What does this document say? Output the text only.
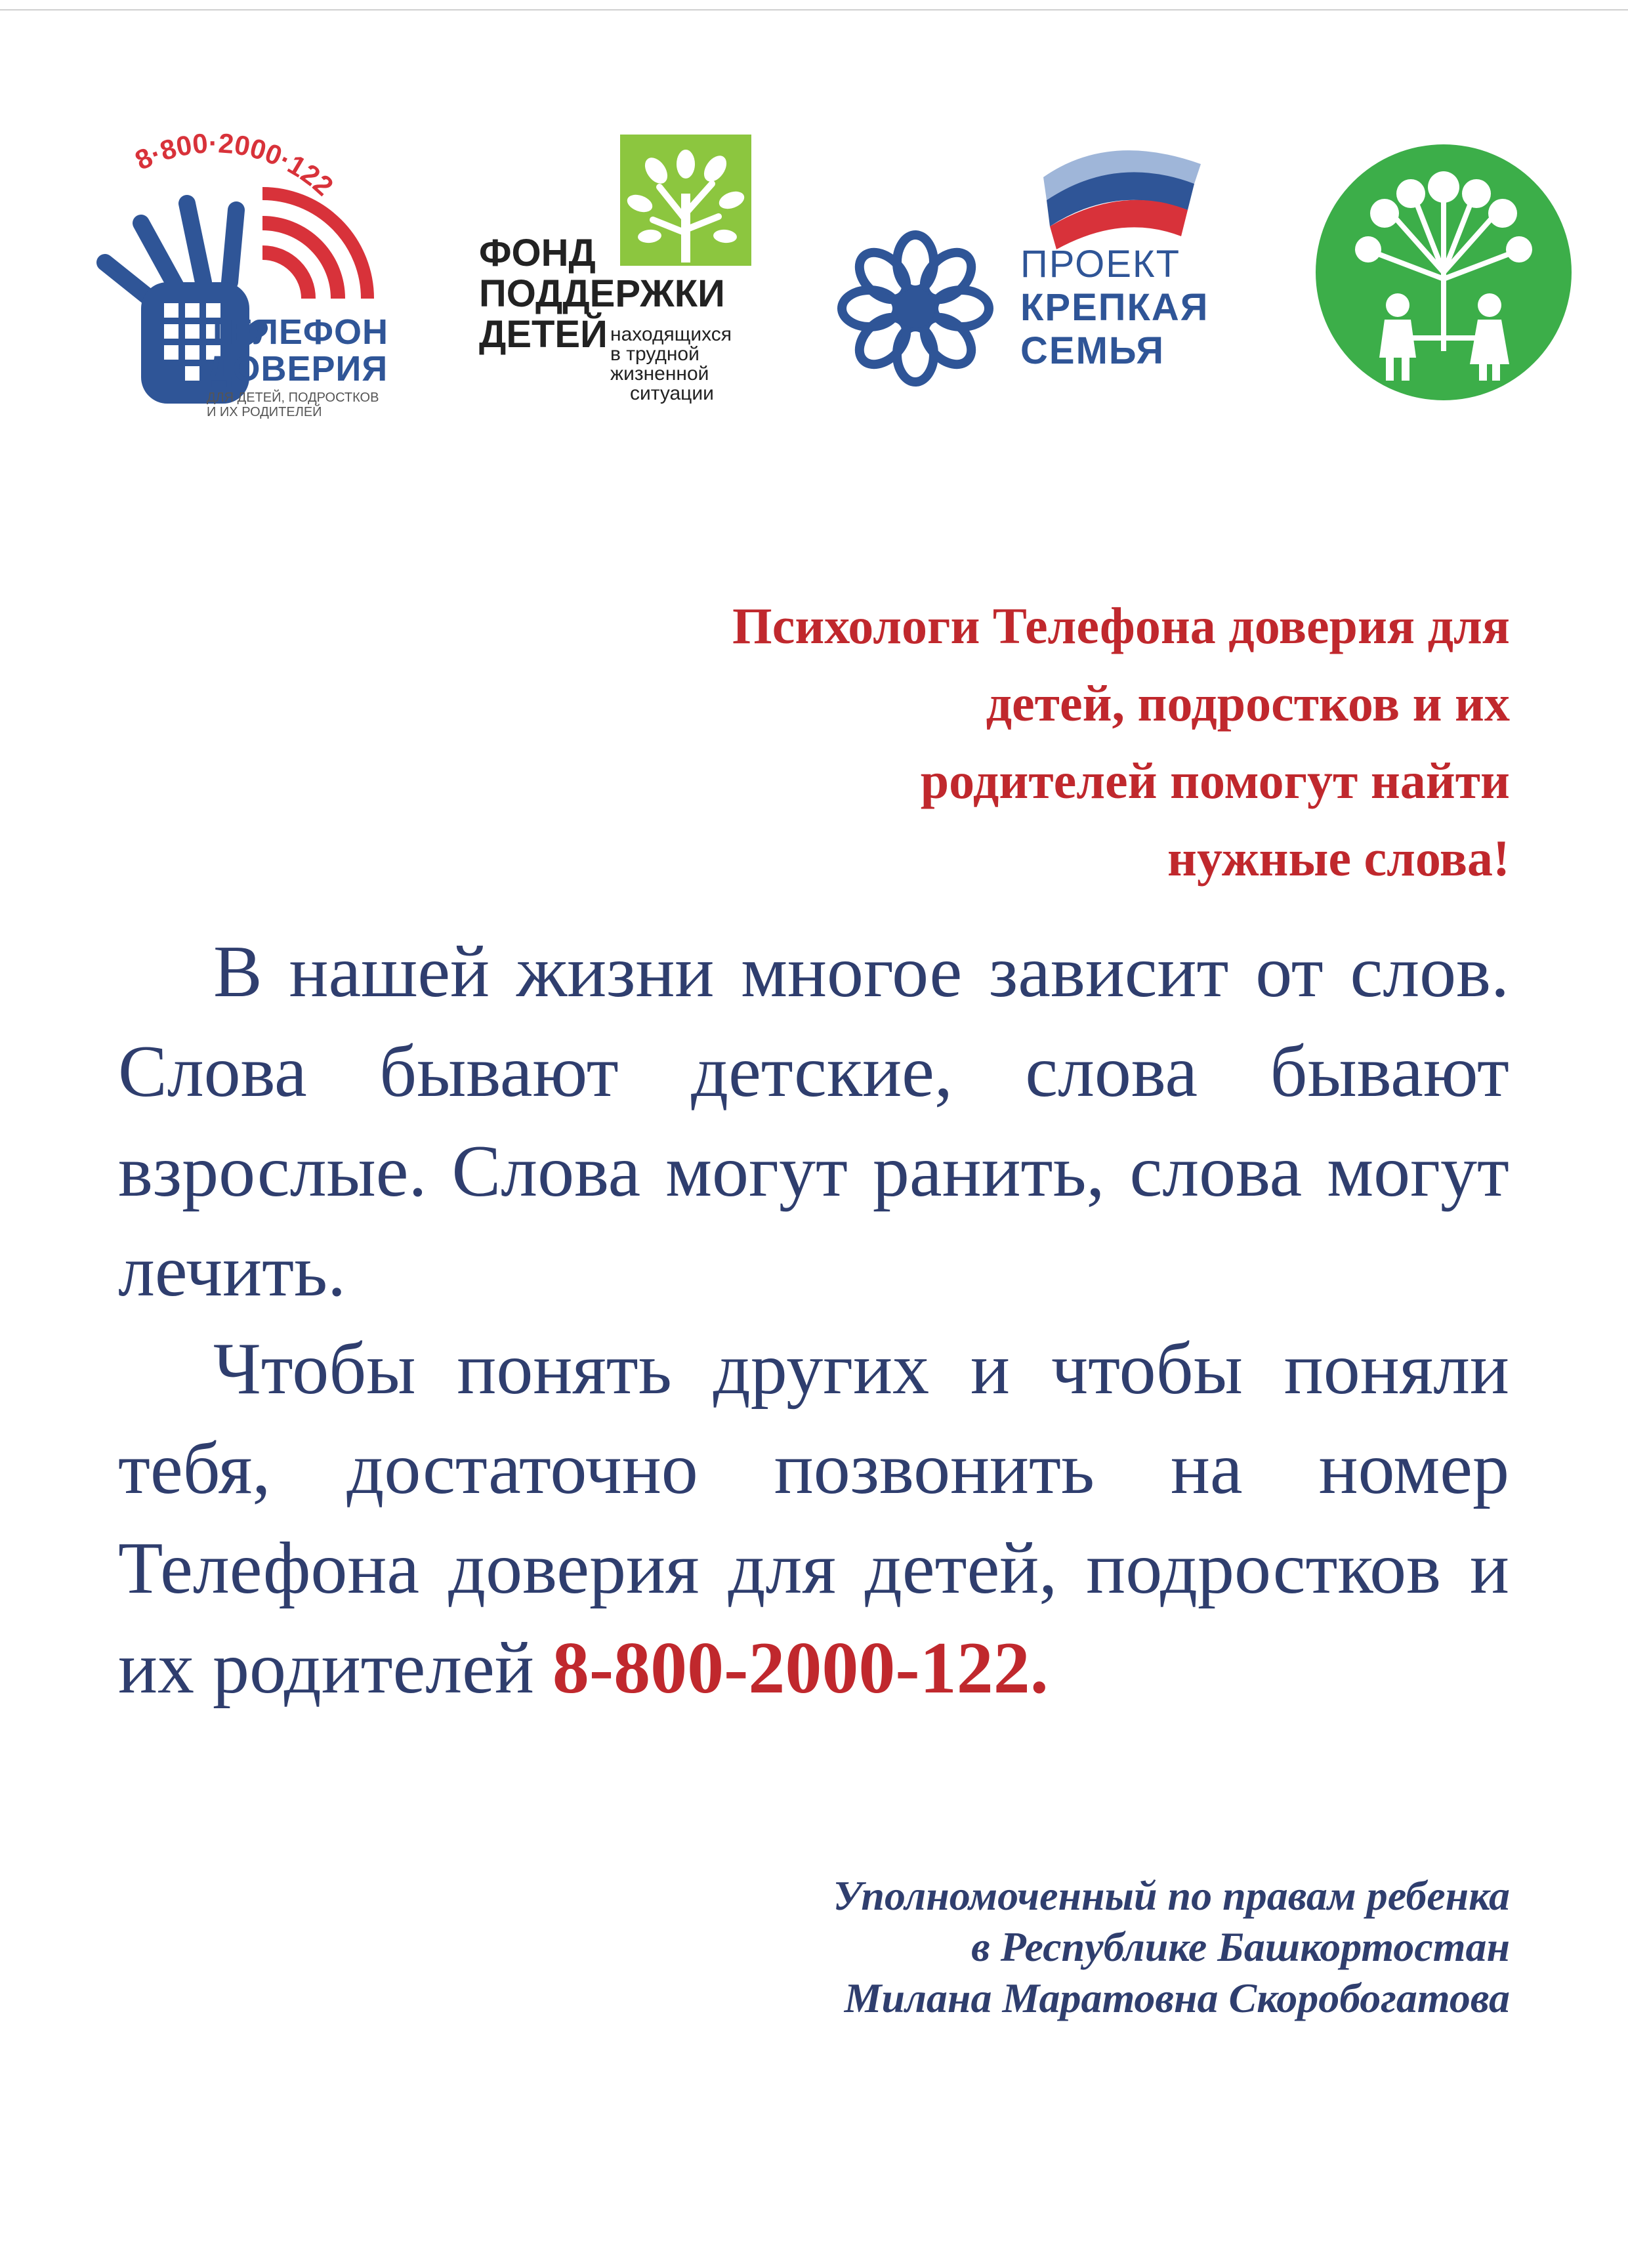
8·800·2000·122

ТЕЛЕФОН
ДОВЕРИЯ

ДЛЯ ДЕТЕЙ, ПОДРОСТКОВ
И ИХ РОДИТЕЛЕЙ
ФОНД
ПОДДЕРЖКИ
ДЕТЕЙ находящихся
в трудной
жизненной
ситуации
ПРОЕКТ
КРЕПКАЯ
СЕМЬЯ

Психологи Телефона доверия для
детей, подростков и их
родителей помогут найти
нужные слова!

В нашей жизни многое зависит от слов. Слова бывают детские, слова бывают взрослые. Слова могут ранить, слова могут лечить.

Чтобы понять других и чтобы поняли тебя, достаточно позвонить на номер Телефона доверия для детей, подростков и их родителей 8-800-2000-122.

Уполномоченный по правам ребенка
в Республике Башкортостан
Милана Маратовна Скоробогатова
